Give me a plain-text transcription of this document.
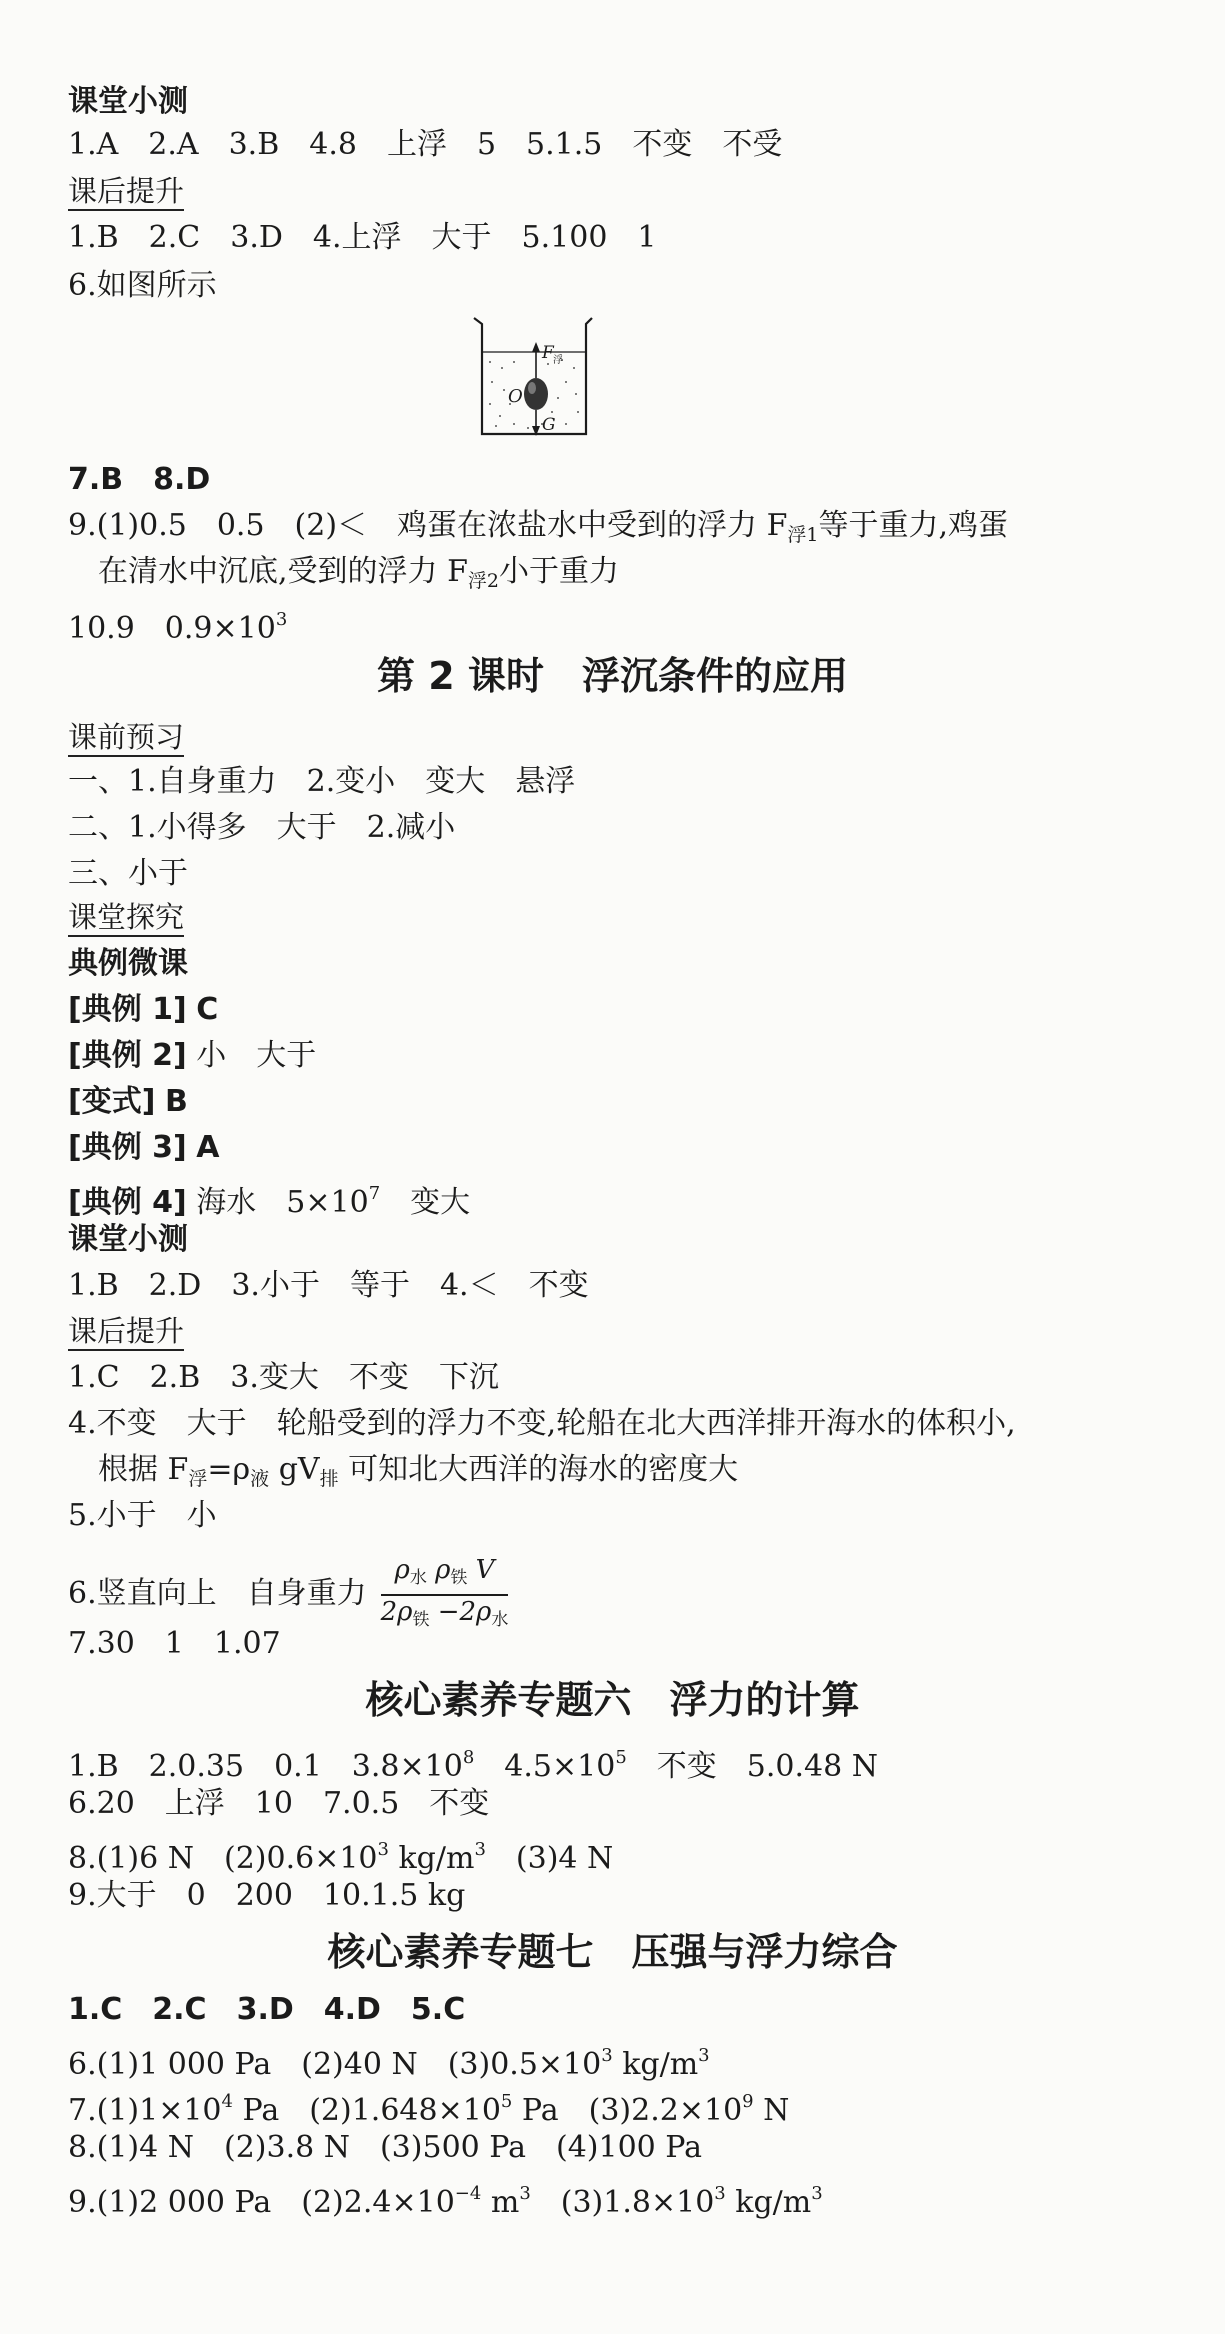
课堂小测
1.A　2.A　3.B　4.8　上浮　5　5.1.5　不变　不受
课后提升
1.B　2.C　3.D　4.上浮　大于　5.100　1
6.如图所示
F 浮
O
G
7.B　8.D
9.(1)0.5　0.5　(2)＜　鸡蛋在浓盐水中受到的浮力 $F_{浮1}$等于重力,鸡蛋
在清水中沉底,受到的浮力 $F_{浮2}$小于重力
10.9　$0.9\times 10^3$
第 2 课时　浮沉条件的应用
课前预习
一、1.自身重力　2.变小　变大　悬浮
二、1.小得多　大于　2.减小
三、小于
课堂探究
典例微课
[典例 1] C
[典例 2] 小　大于
[变式] B
[典例 3] A
[典例 4] 海水　$5\times 10^7$　变大
课堂小测
1.B　2.D　3.小于　等于　4.＜　不变
课后提升
1.C　2.B　3.变大　不变　下沉
4.不变　大于　轮船受到的浮力不变,轮船在北大西洋排开海水的体积小,
根据 $F_浮=\rho_液$ $gV_排$ 可知北大西洋的海水的密度大
5.小于　小
6.竖直向上　自身重力 $\frac{\text{ρ水 ρ铁 V}}{\text{2ρ铁 −2ρ水}}$
7.30　1　1.07
核心素养专题六　浮力的计算
1.B　2.0.35　0.1　$3.8\times 10^8$　$4.5\times 10^5$　不变　5.0.48 N
6.20　上浮　10　7.0.5　不变
8.(1)6 N　$(2)0.6\times 10^3$ $kg/m^3$　(3)4 N
9.大于　0　200　10.1.5 kg
核心素养专题七　压强与浮力综合
1.C　2.C　3.D　4.D　5.C
6.(1)1 000 Pa　(2)40 N　$(3)0.5\times 10^3$ $kg/m^3$
$7.(1)1\times 10^4$ Pa　$(2)1.648\times 10^5$ Pa　$(3)2.2\times 10^9$ N
8.(1)4 N　(2)3.8 N　(3)500 Pa　(4)100 Pa
9.(1)2 000 Pa　$(2)2.4\times 10^{-4}$ $m^3$　$(3)1.8\times 10^3$ $kg/m^3$
